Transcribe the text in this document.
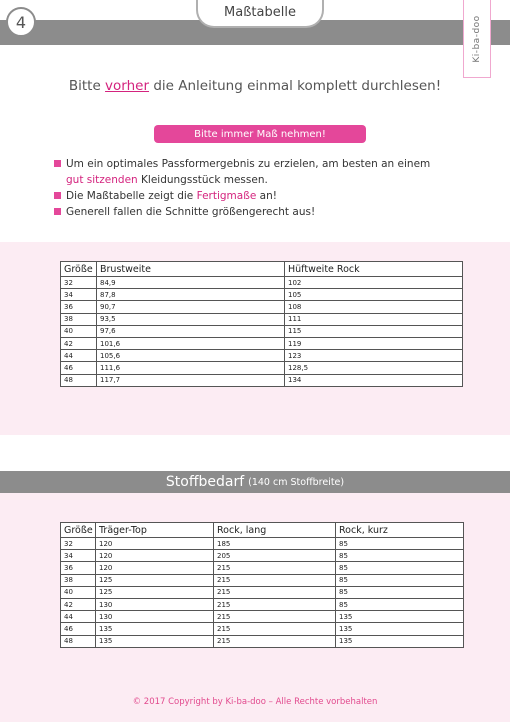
4
Maßtabelle
Ki-ba-doo
Bitte vorher die Anleitung einmal komplett durchlesen!
Bitte immer Maß nehmen!
Um ein optimales Passformergebnis zu erzielen, am besten an einem
gut sitzenden Kleidungsstück messen.
Die Maßtabelle zeigt die Fertigmaße an!
Generell fallen die Schnitte größengerecht aus!
Größe	Brustweite	Hüftweite Rock
32	84,9	102
34	87,8	105
36	90,7	108
38	93,5	111
40	97,6	115
42	101,6	119
44	105,6	123
46	111,6	128,5
48	117,7	134
Stoffbedarf (140 cm Stoffbreite)
Größe	Träger-Top	Rock, lang	Rock, kurz
32	120	185	85
34	120	205	85
36	120	215	85
38	125	215	85
40	125	215	85
42	130	215	85
44	130	215	135
46	135	215	135
48	135	215	135
© 2017 Copyright by Ki-ba-doo – Alle Rechte vorbehalten
